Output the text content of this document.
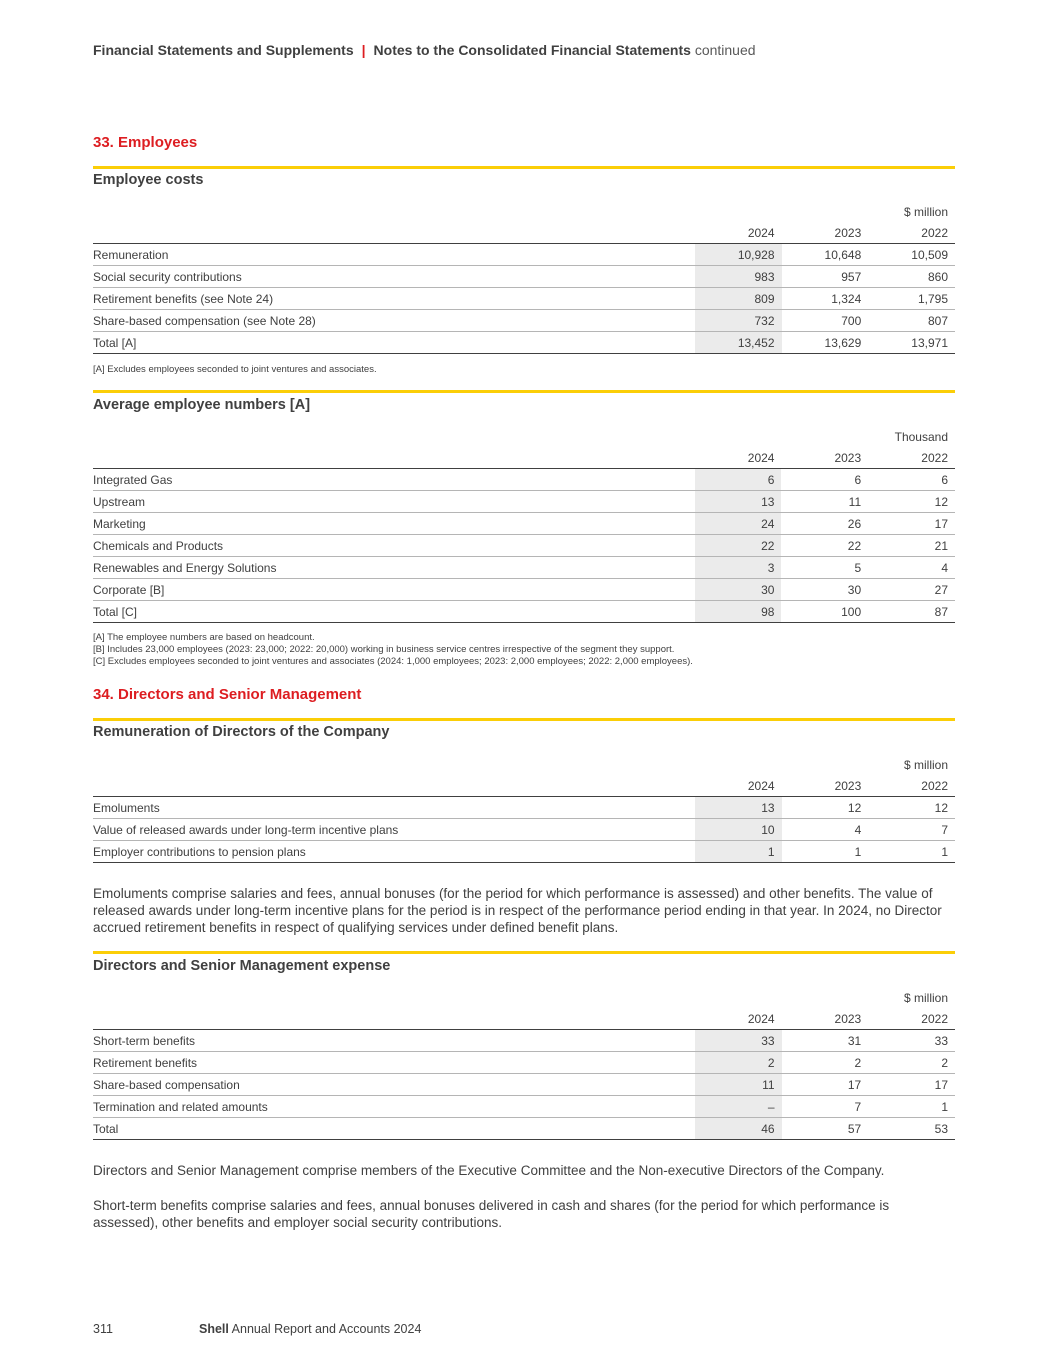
Financial Statements and Supplements | Notes to the Consolidated Financial Statements continued
33. Employees
Employee costs
			$ million
	2024	2023	2022
Remuneration	10,928	10,648	10,509
Social security contributions	983	957	860
Retirement benefits (see Note 24)	809	1,324	1,795
Share-based compensation (see Note 28)	732	700	807
Total [A]	13,452	13,629	13,971
[A] Excludes employees seconded to joint ventures and associates.
Average employee numbers [A]
			Thousand
	2024	2023	2022
Integrated Gas	6	6	6
Upstream	13	11	12
Marketing	24	26	17
Chemicals and Products	22	22	21
Renewables and Energy Solutions	3	5	4
Corporate [B]	30	30	27
Total [C]	98	100	87
[A] The employee numbers are based on headcount.
[B] Includes 23,000 employees (2023: 23,000; 2022: 20,000) working in business service centres irrespective of the segment they support.
[C] Excludes employees seconded to joint ventures and associates (2024: 1,000 employees; 2023: 2,000 employees; 2022: 2,000 employees).
34. Directors and Senior Management
Remuneration of Directors of the Company
			$ million
	2024	2023	2022
Emoluments	13	12	12
Value of released awards under long-term incentive plans	10	4	7
Employer contributions to pension plans	1	1	1
Emoluments comprise salaries and fees, annual bonuses (for the period for which performance is assessed) and other benefits. The value of released awards under long-term incentive plans for the period is in respect of the performance period ending in that year. In 2024, no Director accrued retirement benefits in respect of qualifying services under defined benefit plans.
Directors and Senior Management expense
			$ million
	2024	2023	2022
Short-term benefits	33	31	33
Retirement benefits	2	2	2
Share-based compensation	11	17	17
Termination and related amounts	–	7	1
Total	46	57	53
Directors and Senior Management comprise members of the Executive Committee and the Non-executive Directors of the Company.
Short-term benefits comprise salaries and fees, annual bonuses delivered in cash and shares (for the period for which performance is assessed), other benefits and employer social security contributions.
311	Shell Annual Report and Accounts 2024
